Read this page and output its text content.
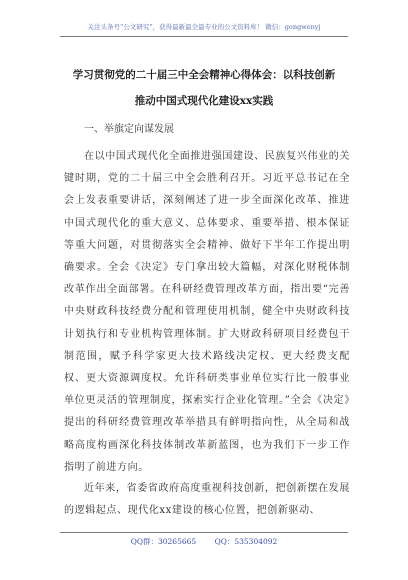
关注头条号“公文研究”，获得最新最全最专业的公文资料库！ 微信：gongwenyj
学习贯彻党的二十届三中全会精神心得体会：以科技创新
推动中国式现代化建设xx实践
一、举旗定向谋发展

在以中国式现代化全面推进强国建设、民族复兴伟业的关键时期，党的二十届三中全会胜利召开。习近平总书记在全会上发表重要讲话，深刻阐述了进一步全面深化改革、推进中国式现代化的重大意义、总体要求、重要举措、根本保证等重大问题，对贯彻落实全会精神、做好下半年工作提出明确要求。全会《决定》专门拿出较大篇幅，对深化财税体制改革作出全面部署。在科研经费管理改革方面，指出要“完善中央财政科技经费分配和管理使用机制，健全中央财政科技计划执行和专业机构管理体制。扩大财政科研项目经费包干制范围，赋予科学家更大技术路线决定权、更大经费支配权、更大资源调度权。允许科研类事业单位实行比一般事业单位更灵活的管理制度，探索实行企业化管理。”全会《决定》提出的科研经费管理改革举措具有鲜明指向性，从全局和战略高度构画深化科技体制改革新蓝图，也为我们下一步工作指明了前进方向。

近年来，省委省政府高度重视科技创新，把创新摆在发展的逻辑起点、现代化xx建设的核心位置，把创新驱动、

QQ群：30265665 QQ：535304092
